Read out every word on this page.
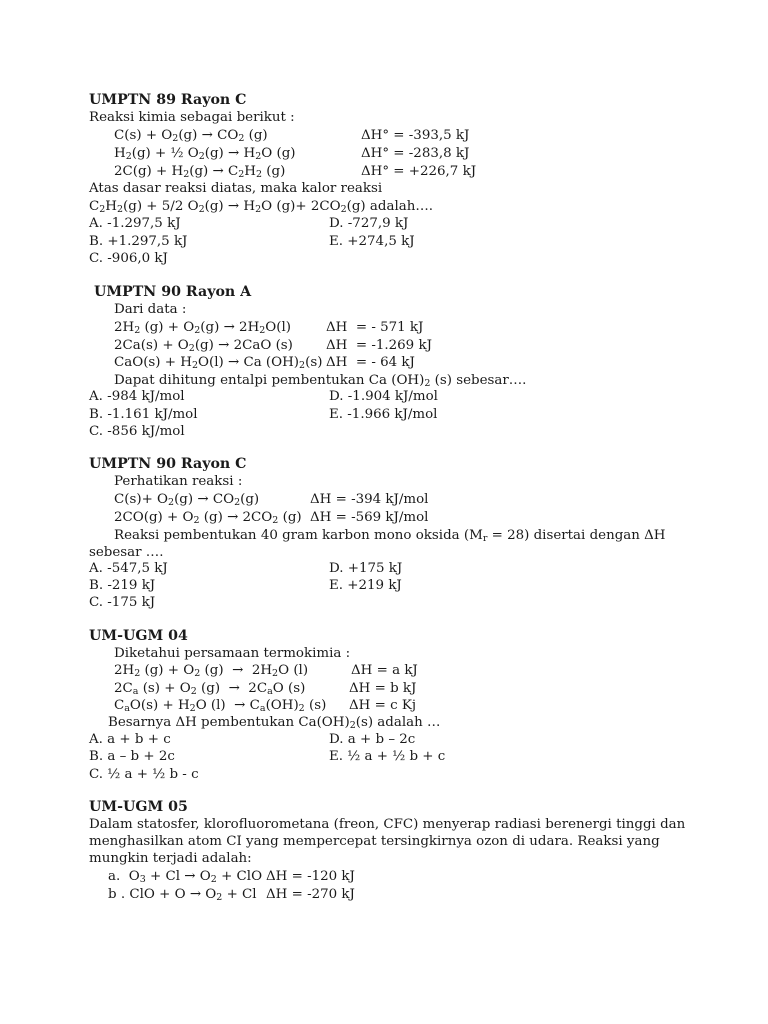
UMPTN 89 Rayon C
Reaksi kimia sebagai berikut :
$C(s) + O_2(g) \to CO_2$ (g)	ΔH° = -393,5 kJ
$H_2(g)$ + ½ $O_2(g) \to H_2O$ (g)	ΔH° = -283,8 kJ
$2C(g) + H_2(g) \to C_2H_2$ (g)	ΔH° = +226,7 kJ
Atas dasar reaksi diatas, maka kalor reaksi
$C_2H_2(g) + 5/2$ $O_2(g) \to H_2O$ $(g)+ 2CO_2(g)$ adalah….
A. -1.297,5 kJ	D. -727,9 kJ
B. +1.297,5 kJ	E. +274,5 kJ
C. -906,0 kJ
UMPTN 90 Rayon A
Dari data :
$2H_2$ $(g) + O_2(g) \to 2H_2O(l)$	ΔH  = - 571 kJ
$2Ca(s) + O_2(g) \to 2CaO$ (s) ΔH  = -1.269 kJ
$CaO(s) + H_2O(l) \to Ca$ $(OH)_2(s) \Delta H$  = - 64 kJ
Dapat dihitung entalpi pembentukan Ca $(OH)_2$ (s) sebesar….
A. -984 kJ/mol	D. -1.904 kJ/mol
B. -1.161 kJ/mol	E. -1.966 kJ/mol
C. -856 kJ/mol
UMPTN 90 Rayon C
Perhatikan reaksi :
$C(s)+ O_2(g) \to CO_2(g)$	ΔH = -394 kJ/mol
$2CO(g) + O_2$ $(g) \to 2CO_2$ (g) ΔH = -569 kJ/mol
Reaksi pembentukan 40 gram karbon mono oksida $(M_r = 28)$ disertai dengan ΔH
sebesar ….
A. -547,5 kJ	D. +175 kJ
B. -219 kJ	E. +219 kJ
C. -175 kJ
UM-UGM 04
Diketahui persamaan termokimia :
$2H_2$ $(g) + O_2$ $(g) \to 2H_2O$ (l)	ΔH = a kJ
$2C_a$ $(s) + O_2$ $(g) \to 2C_aO$ (s)	ΔH = b kJ
$C_aO(s) + H_2O$ $(l) \to C_a(OH)_2$ (s) ΔH = c Kj
Besarnya ΔH pembentukan $Ca(OH)_2(s)$ adalah …
A. a + b + c	D. a + b – 2c
B. a – b + 2c	E. ½ a + ½ b + c
C. ½ a + ½ b - c
UM-UGM 05
Dalam statosfer, klorofluorometana (freon, CFC) menyerap radiasi berenergi tinggi dan
menghasilkan atom CI yang mempercepat tersingkirnya ozon di udara. Reaksi yang
mungkin terjadi adalah:
a.  $O_3 + Cl \to O_2$ + ClO ΔH = -120 kJ
b . ClO + $O \to O_2 + Cl$ ΔH = -270 kJ
